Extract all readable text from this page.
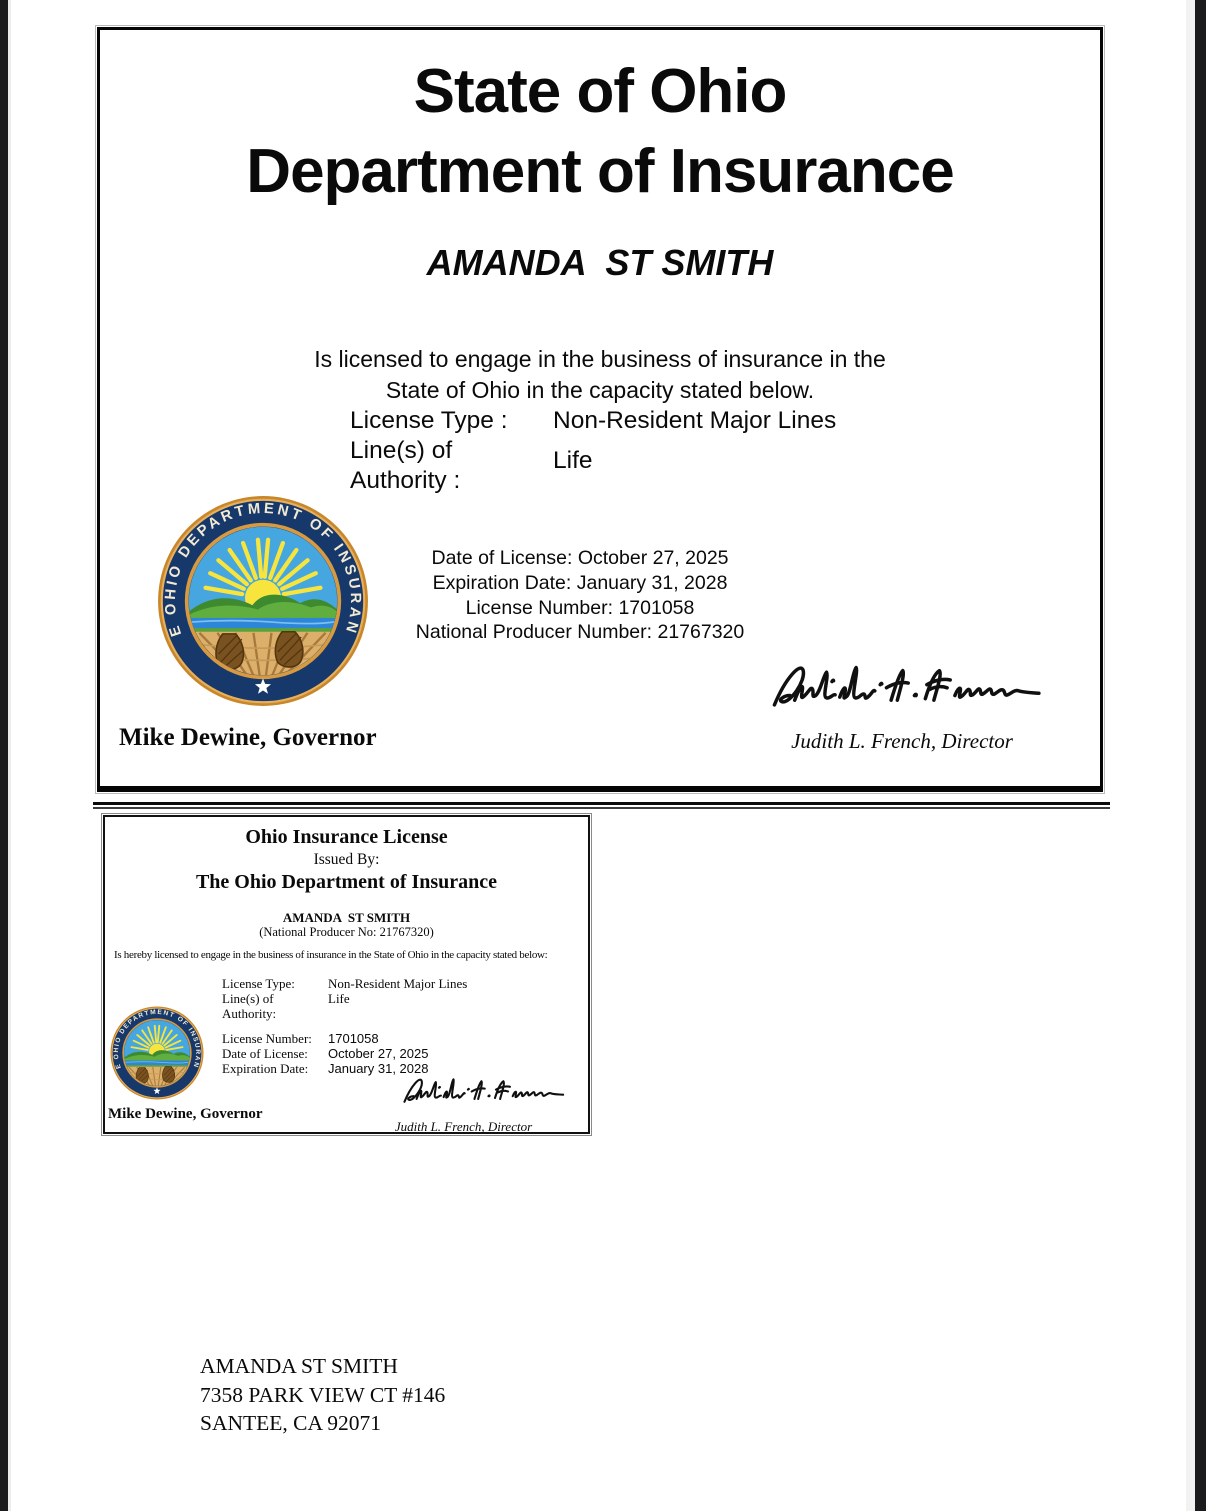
State of Ohio
Department of Insurance
AMANDA  ST SMITH
Is licensed to engage in the business of insurance in the
State of Ohio in the capacity stated below.
License Type :	Non-Resident Major Lines
Line(s) of Authority :
Life
Date of License: October 27, 2025
Expiration Date: January 31, 2028
License Number: 1701058
National Producer Number: 21767320
Mike Dewine, Governor	Judith L. French, Director
Ohio Insurance License
Issued By:
The Ohio Department of Insurance
AMANDA  ST SMITH
(National Producer No: 21767320)
Is hereby licensed to engage in the business of insurance in the State of Ohio in the capacity stated below:
License Type:	Non-Resident Major Lines
Line(s) of Authority:
Life
License Number:	1701058
Date of License:	October 27, 2025
Expiration Date:	January 31, 2028
Mike Dewine, Governor
Judith L. French, Director
AMANDA ST SMITH
7358 PARK VIEW CT #146
SANTEE, CA 92071
